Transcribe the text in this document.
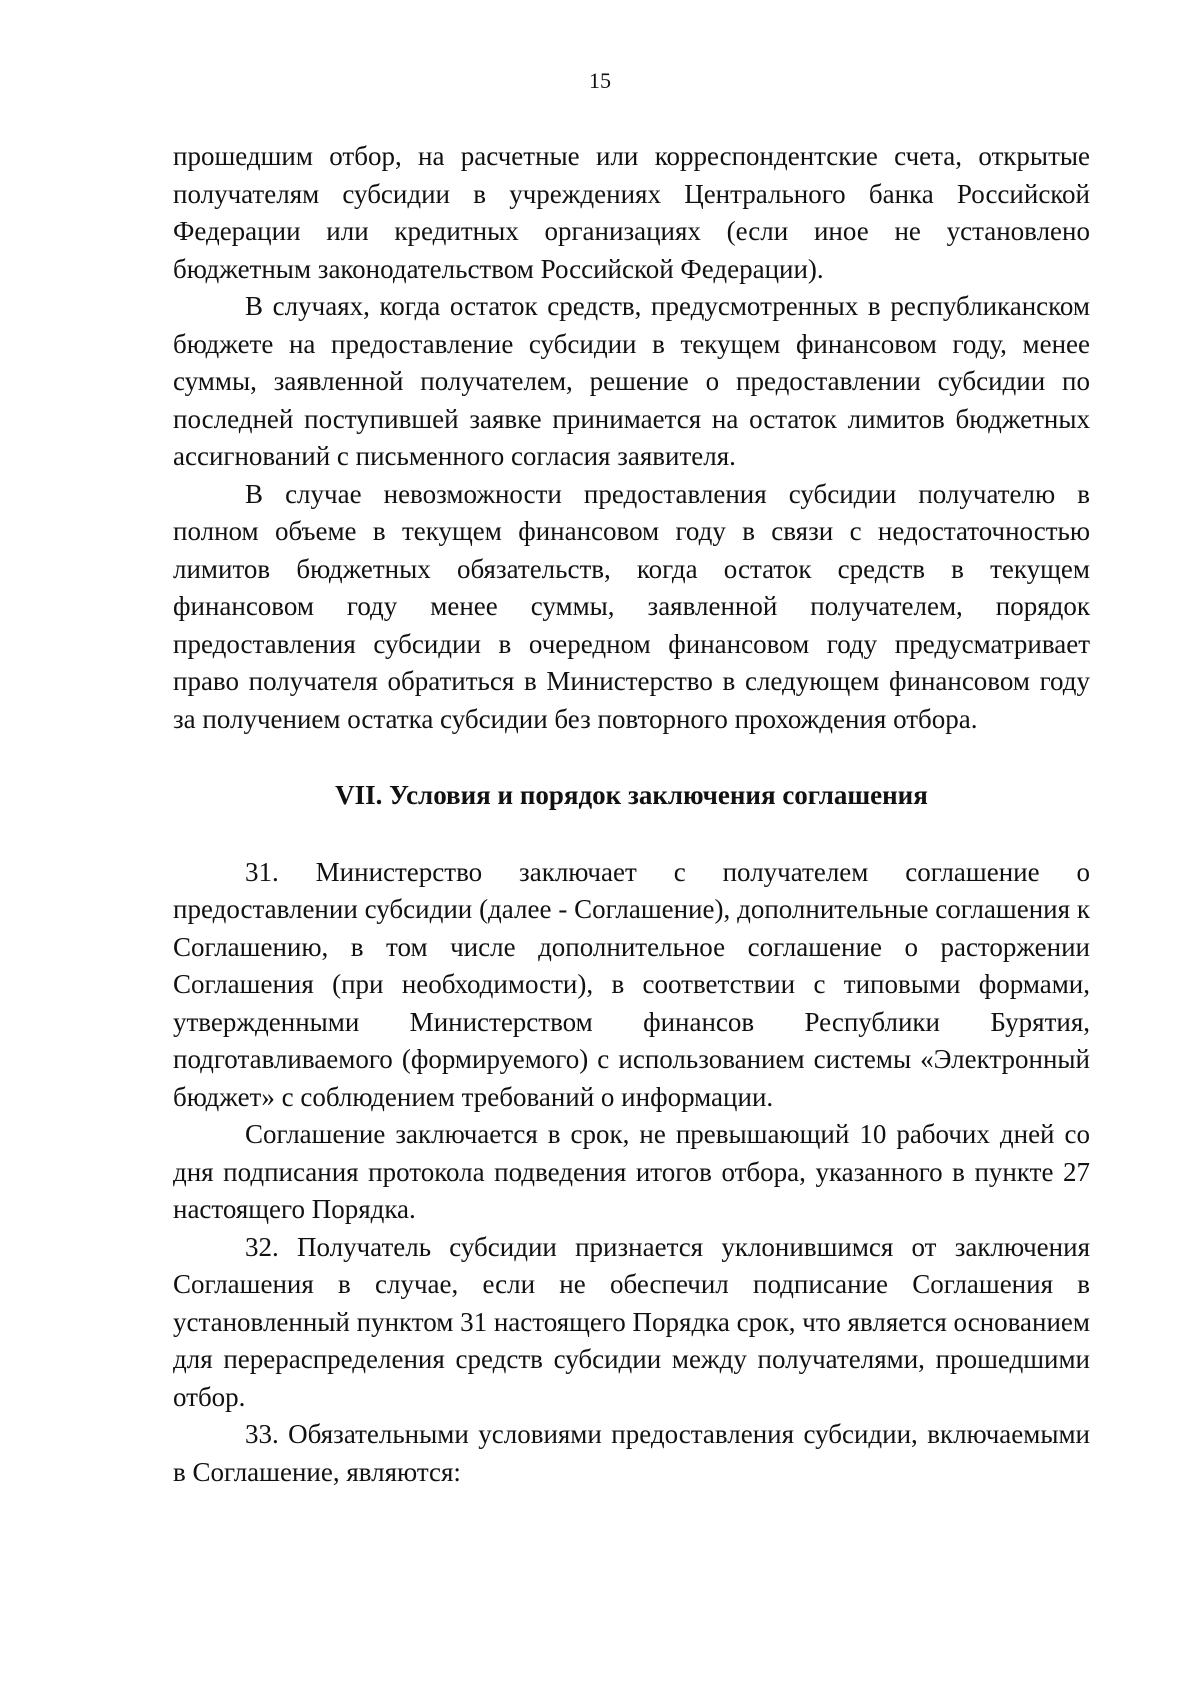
15

прошедшим отбор, на расчетные или корреспондентские счета, открытые получателям субсидии в учреждениях Центрального банка Российской Федерации или кредитных организациях (если иное не установлено бюджетным законодательством Российской Федерации).

В случаях, когда остаток средств, предусмотренных в республиканском бюджете на предоставление субсидии в текущем финансовом году, менее суммы, заявленной получателем, решение о предоставлении субсидии по последней поступившей заявке принимается на остаток лимитов бюджетных ассигнований с письменного согласия заявителя.

В случае невозможности предоставления субсидии получателю в полном объеме в текущем финансовом году в связи с недостаточностью лимитов бюджетных обязательств, когда остаток средств в текущем финансовом году менее суммы, заявленной получателем, порядок предоставления субсидии в очередном финансовом году предусматривает право получателя обратиться в Министерство в следующем финансовом году за получением остатка субсидии без повторного прохождения отбора.

VII. Условия и порядок заключения соглашения

31. Министерство заключает с получателем соглашение о предоставлении субсидии (далее - Соглашение), дополнительные соглашения к Соглашению, в том числе дополнительное соглашение о расторжении Соглашения (при необходимости), в соответствии с типовыми формами, утвержденными Министерством финансов Республики Бурятия, подготавливаемого (формируемого) с использованием системы «Электронный бюджет» с соблюдением требований о информации.

Соглашение заключается в срок, не превышающий 10 рабочих дней со дня подписания протокола подведения итогов отбора, указанного в пункте 27 настоящего Порядка.

32. Получатель субсидии признается уклонившимся от заключения Соглашения в случае, если не обеспечил подписание Соглашения в установленный пунктом 31 настоящего Порядка срок, что является основанием для перераспределения средств субсидии между получателями, прошедшими отбор.

33. Обязательными условиями предоставления субсидии, включаемыми в Соглашение, являются:
